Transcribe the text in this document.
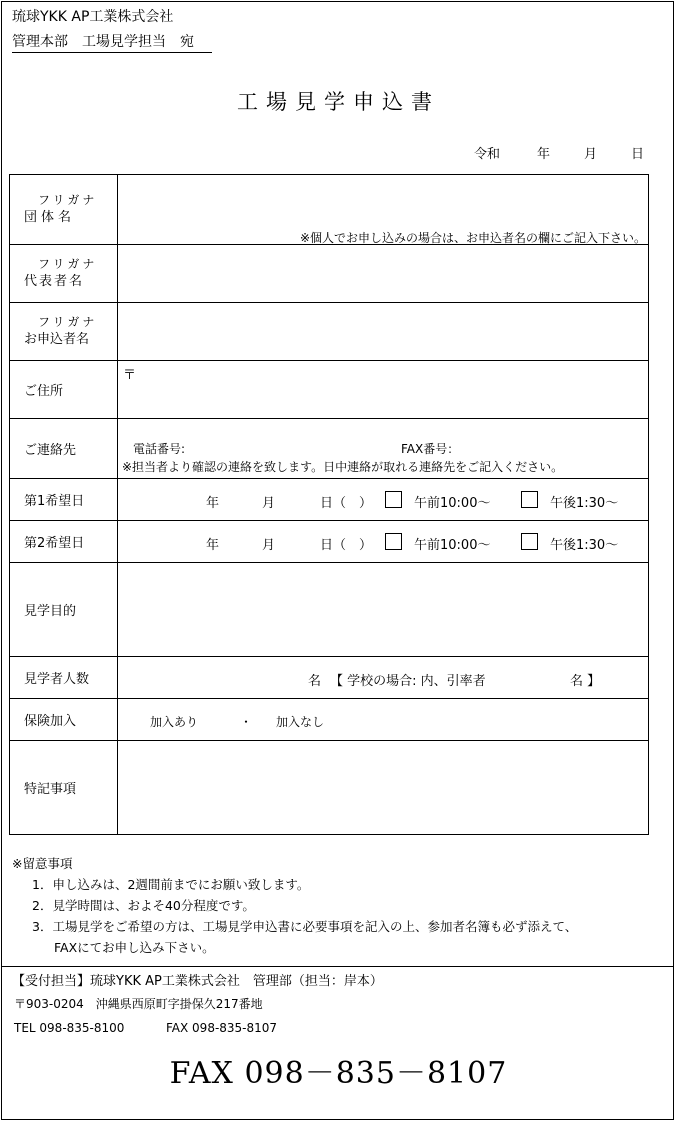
琉球YKK AP工業株式会社
管理本部　工場見学担当　宛
工場見学申込書
令和	年	月	日
フリガナ
団体名	※個人でお申し込みの場合は、お申込者名の欄にご記入下さい。

フリガナ
代表者名	

フリガナ
お申込者名	

ご住所	〒

ご連絡先	電話番号: FAX番号：
※担当者より確認の連絡を致します。日中連絡が取れる連絡先をご記入ください。

第1希望日	年 月 日（　） 午前10:00～ 午後1:30～

第2希望日	年 月 日（　） 午前10:00～ 午後1:30～

見学目的	
見学者人数	名 【 学校の場合: 内、引率者 名 】

保険加入	加入あり ・ 加入なし

特記事項	
※留意事項
1．申し込みは、2週間前までにお願い致します。
2．見学時間は、およそ40分程度です。
3．工場見学をご希望の方は、工場見学申込書に必要事項を記入の上、参加者名簿も必ず添えて、
FAXにてお申し込み下さい。
【受付担当】琉球YKK AP工業株式会社　管理部（担当：岸本）
〒903-0204　沖縄県西原町字掛保久217番地
TEL 098-835-8100	FAX 098-835-8107
FAX 098－835－8107
